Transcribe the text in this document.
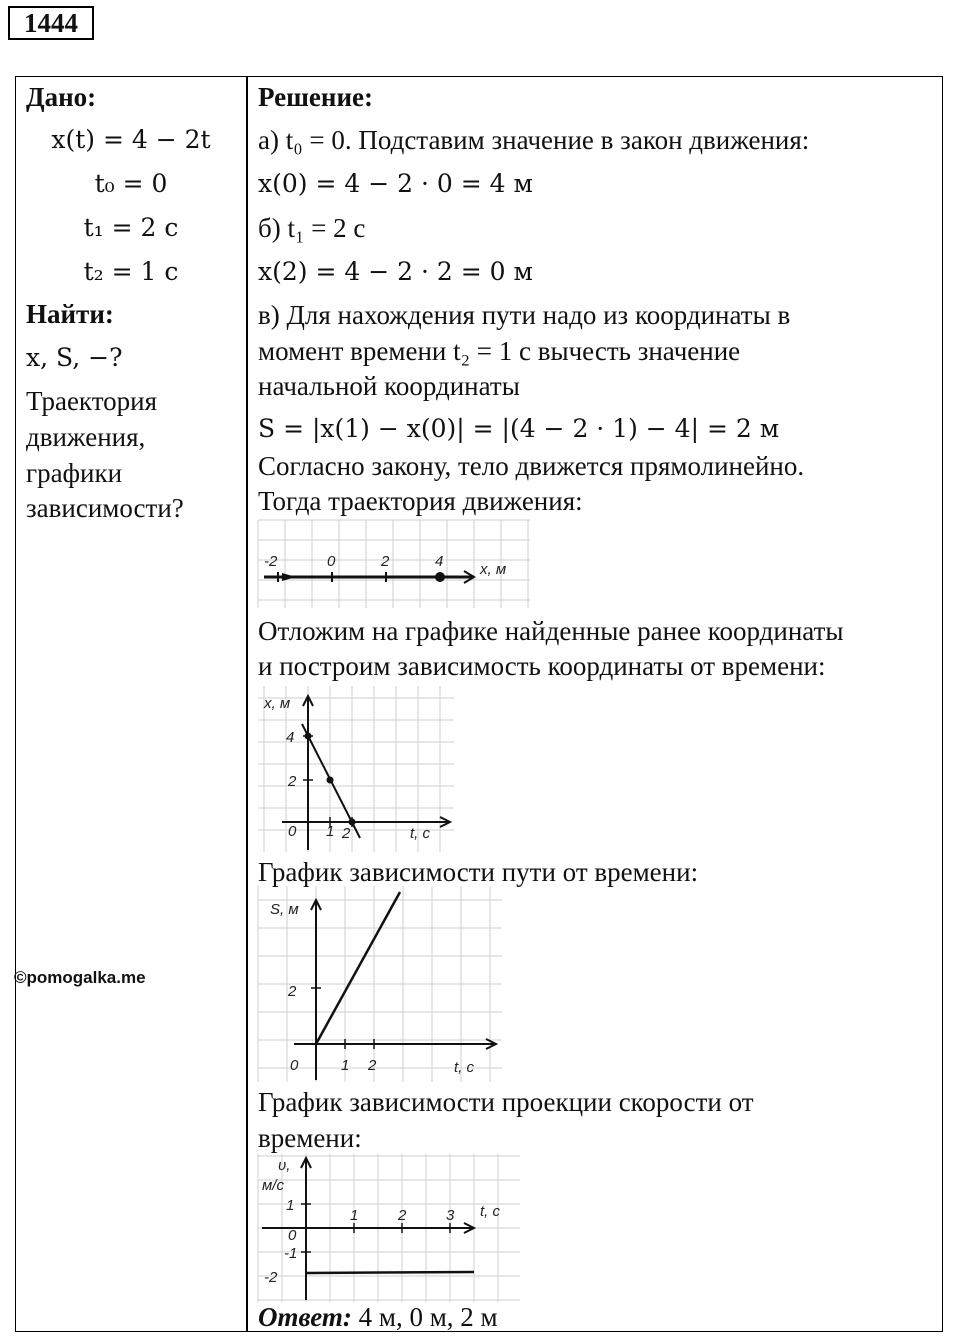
1444
Дано:
x(t) = 4 − 2t
t₀ = 0
t₁ = 2 с
t₂ = 1 с
Найти:
x, S, −?
Траектория
движения,
графики
зависимости?
©pomogalka.me
Решение:
а) t₀ = 0. Подставим значение в закон движения:
x(0) = 4 − 2 · 0 = 4 м
б) t₁ = 2 с
x(2) = 4 − 2 · 2 = 0 м
в) Для нахождения пути надо из координаты в
момент времени t₂ = 1 с вычесть значение
начальной координаты
S = |x(1) − x(0)| = |(4 − 2 · 1) − 4| = 2 м
Согласно закону, тело движется прямолинейно.
Тогда траектория движения:
-2	0	2	4 x, м
Отложим на графике найденные ранее координаты
и построим зависимость координаты от времени:
x, м
4
2
0 1 2	t, с
График зависимости пути от времени:
S, м
2
0	1 2	t, с
График зависимости проекции скорости от
времени:
υ,
м/с
1
0
-1
-2
1	2	3 t, с
Ответ: 4 м, 0 м, 2 м
